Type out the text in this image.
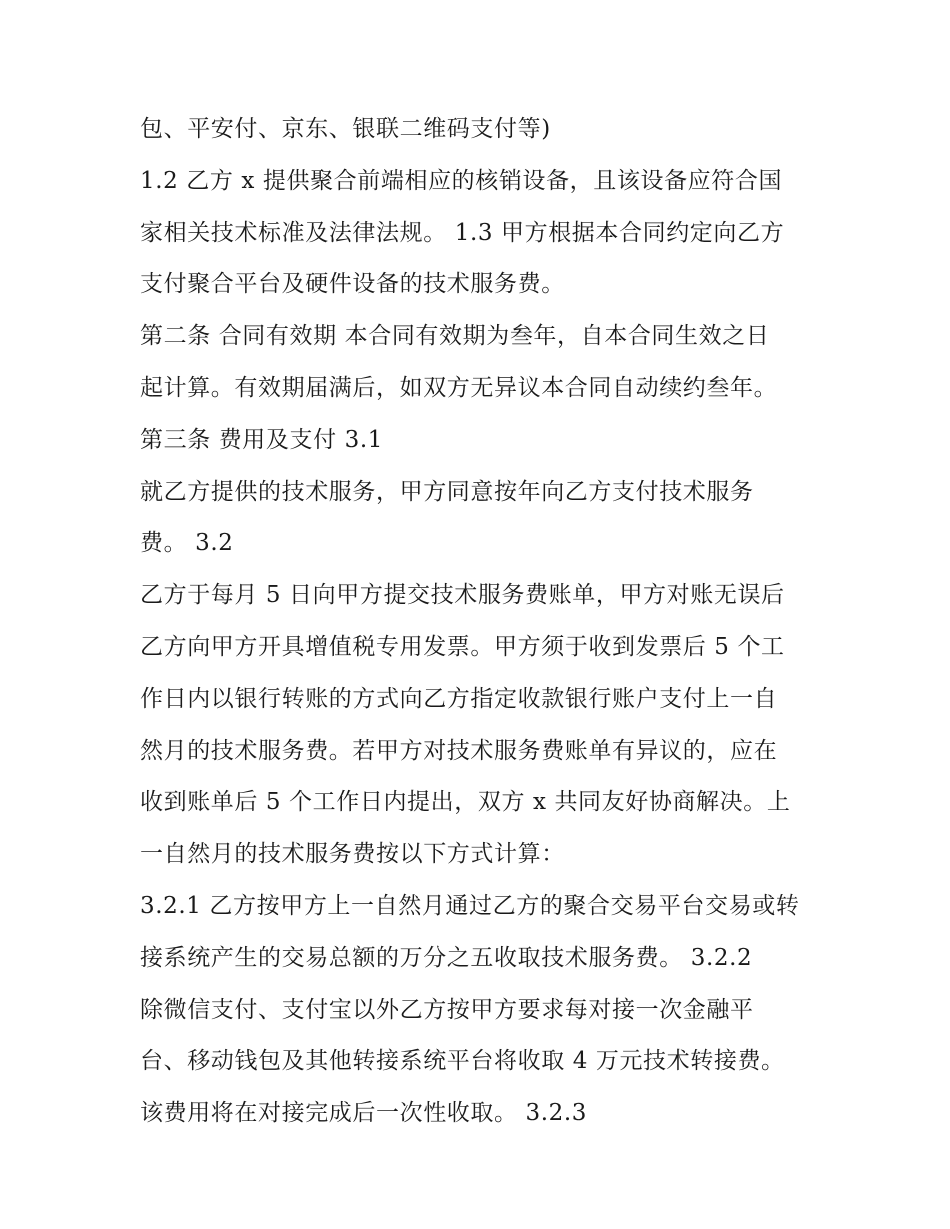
包、平安付、京东、银联二维码支付等)
1.2 乙方 x 提供聚合前端相应的核销设备，且该设备应符合国
家相关技术标准及法律法规。 1.3 甲方根据本合同约定向乙方
支付聚合平台及硬件设备的技术服务费。
第二条 合同有效期 本合同有效期为叁年，自本合同生效之日
起计算。有效期届满后，如双方无异议本合同自动续约叁年。
第三条 费用及支付 3.1
就乙方提供的技术服务，甲方同意按年向乙方支付技术服务
费。 3.2
乙方于每月 5 日向甲方提交技术服务费账单，甲方对账无误后
乙方向甲方开具增值税专用发票。甲方须于收到发票后 5 个工
作日内以银行转账的方式向乙方指定收款银行账户支付上一自
然月的技术服务费。若甲方对技术服务费账单有异议的，应在
收到账单后 5 个工作日内提出，双方 x 共同友好协商解决。上
一自然月的技术服务费按以下方式计算：
3.2.1 乙方按甲方上一自然月通过乙方的聚合交易平台交易或转
接系统产生的交易总额的万分之五收取技术服务费。 3.2.2
除微信支付、支付宝以外乙方按甲方要求每对接一次金融平
台、移动钱包及其他转接系统平台将收取 4 万元技术转接费。
该费用将在对接完成后一次性收取。 3.2.3
